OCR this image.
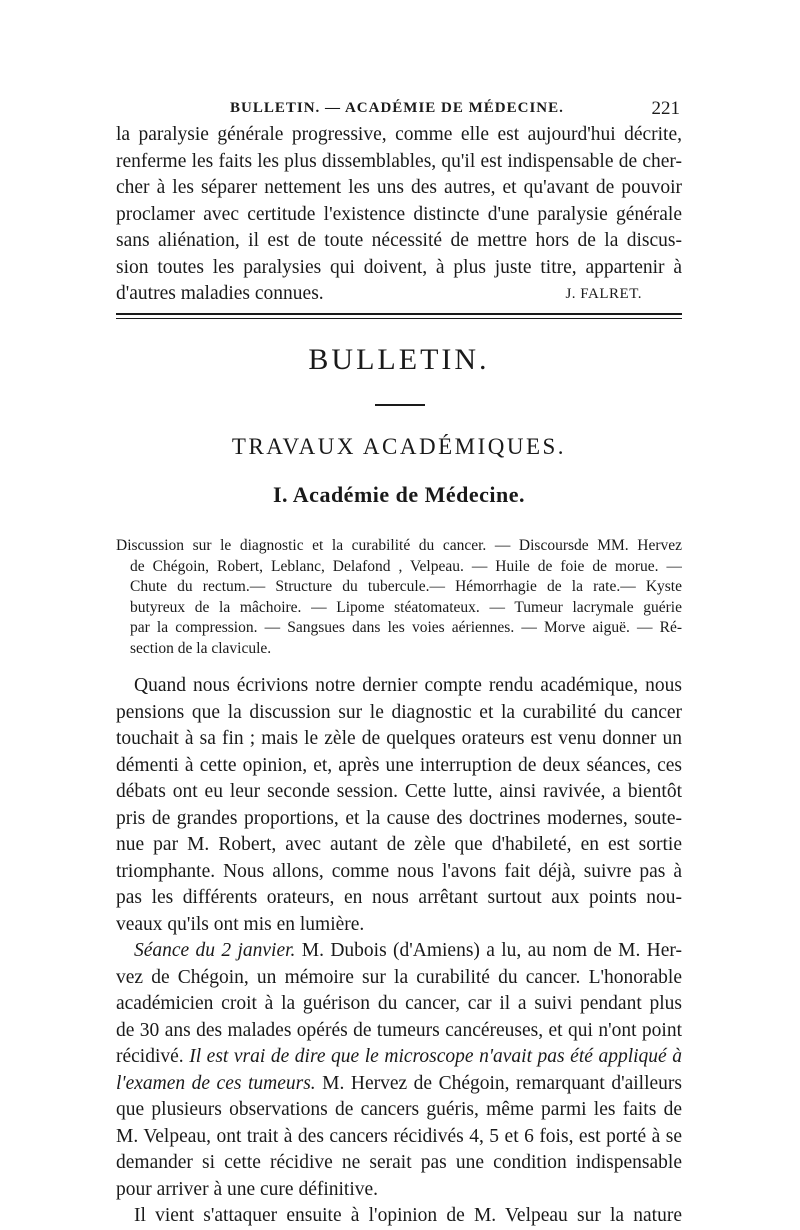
BULLETIN. — ACADÉMIE DE MÉDECINE.	221
la paralysie générale progressive, comme elle est aujourd'hui décrite,
renferme les faits les plus dissemblables, qu'il est indispensable de cher-
cher à les séparer nettement les uns des autres, et qu'avant de pouvoir
proclamer avec certitude l'existence distincte d'une paralysie générale
sans aliénation, il est de toute nécessité de mettre hors de la discus-
sion toutes les paralysies qui doivent, à plus juste titre, appartenir à
d'autres maladies connues.	J. FALRET.
BULLETIN.
TRAVAUX ACADÉMIQUES.
I. Académie de Médecine.
Discussion sur le diagnostic et la curabilité du cancer. — Discoursde MM. Hervez
de Chégoin, Robert, Leblanc, Delafond , Velpeau. — Huile de foie de morue. —
Chute du rectum.— Structure du tubercule.— Hémorrhagie de la rate.— Kyste
butyreux de la mâchoire. — Lipome stéatomateux. — Tumeur lacrymale guérie
par la compression. — Sangsues dans les voies aériennes. — Morve aiguë. — Ré-
section de la clavicule.
Quand nous écrivions notre dernier compte rendu académique, nous
pensions que la discussion sur le diagnostic et la curabilité du cancer
touchait à sa fin ; mais le zèle de quelques orateurs est venu donner un
démenti à cette opinion, et, après une interruption de deux séances, ces
débats ont eu leur seconde session. Cette lutte, ainsi ravivée, a bientôt
pris de grandes proportions, et la cause des doctrines modernes, soute-
nue par M. Robert, avec autant de zèle que d'habileté, en est sortie
triomphante. Nous allons, comme nous l'avons fait déjà, suivre pas à
pas les différents orateurs, en nous arrêtant surtout aux points nou-
veaux qu'ils ont mis en lumière.
Séance du 2 janvier. M. Dubois (d'Amiens) a lu, au nom de M. Her-
vez de Chégoin, un mémoire sur la curabilité du cancer. L'honorable
académicien croit à la guérison du cancer, car il a suivi pendant plus
de 30 ans des malades opérés de tumeurs cancéreuses, et qui n'ont point
récidivé. Il est vrai de dire que le microscope n'avait pas été appliqué à
l'examen de ces tumeurs. M. Hervez de Chégoin, remarquant d'ailleurs
que plusieurs observations de cancers guéris, même parmi les faits de
M. Velpeau, ont trait à des cancers récidivés 4, 5 et 6 fois, est porté à se
demander si cette récidive ne serait pas une condition indispensable
pour arriver à une cure définitive.
Il vient s'attaquer ensuite à l'opinion de M. Velpeau sur la nature
